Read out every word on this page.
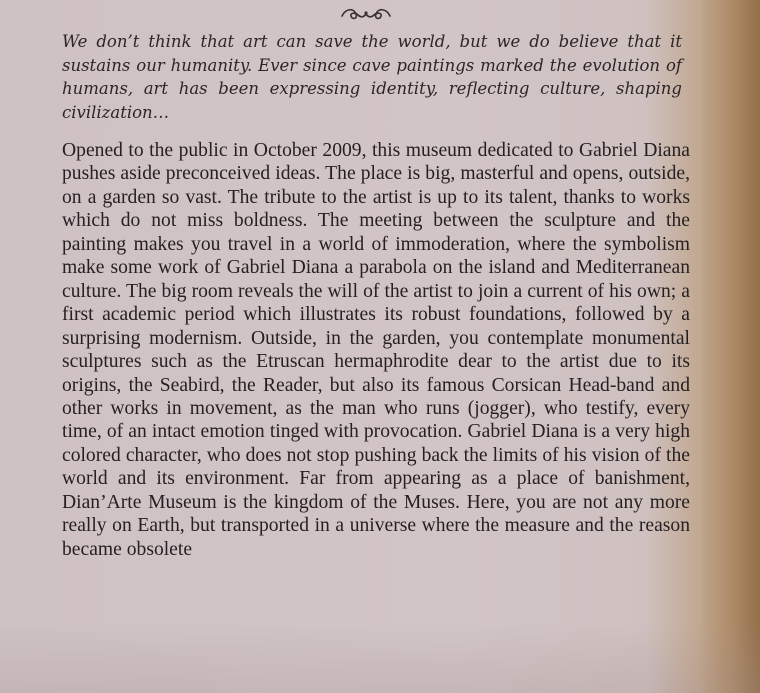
We don’t think that art can save the world, but we do believe that it sustains our humanity. Ever since cave paintings marked the evolution of humans, art has been expressing identity, reflecting culture, shaping civilization…

Opened to the public in October 2009, this museum dedicated to Gabriel Diana pushes aside preconceived ideas. The place is big, masterful and opens, outside, on a garden so vast. The tribute to the artist is up to its talent, thanks to works which do not miss boldness. The meeting between the sculpture and the painting makes you travel in a world of immoderation, where the symbolism make some work of Gabriel Diana a parabola on the island and Mediterranean culture. The big room reveals the will of the artist to join a current of his own; a first academic period which illustrates its robust foundations, followed by a surprising modernism. Outside, in the garden, you contemplate monumental sculptures such as the Etruscan hermaphrodite dear to the artist due to its origins, the Seabird, the Reader, but also its famous Corsican Head-band and other works in movement, as the man who runs (jogger), who testify, every time, of an intact emotion tinged with provocation. Gabriel Diana is a very high colored character, who does not stop pushing back the limits of his vision of the world and its environment. Far from appearing as a place of banishment, Dian’Arte Museum is the kingdom of the Muses. Here, you are not any more really on Earth, but transported in a universe where the measure and the reason became obsolete
